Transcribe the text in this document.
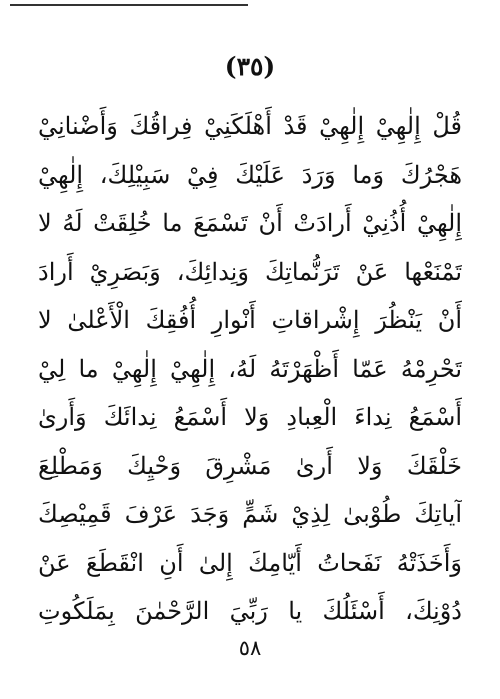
(٣٥)
قُلْ إِلٰهِيْ إِلٰهِيْ قَدْ أَهْلَكَنِيْ فِراقُكَ وَأَضْنانِيْ
هَجْرُكَ وَما وَرَدَ عَلَيْكَ فِيْ سَبِيْلِكَ، إِلٰهِيْ
إِلٰهِيْ أُذُنِيْ أَرادَتْ أَنْ تَسْمَعَ ما خُلِقَتْ لَهُ لا
تَمْنَعْها عَنْ تَرَنُّماتِكَ وَنِدائِكَ، وَبَصَرِيْ أَرادَ
أَنْ يَنْظُرَ إِشْراقاتِ أَنْوارِ أُفُقِكَ الْأَعْلىٰ لا
تَحْرِمْهُ عَمّا أَظْهَرْتَهُ لَهُ، إِلٰهِيْ إِلٰهِيْ ما لِيْ
أَسْمَعُ نِداءَ الْعِبادِ وَلا أَسْمَعُ نِدائَكَ وَأَرىٰ
خَلْقَكَ وَلا أَرىٰ مَشْرِقَ وَحْيِكَ وَمَطْلِعَ
آياتِكَ طُوْبىٰ لِذِيْ شَمٍّ وَجَدَ عَرْفَ قَمِيْصِكَ
وَأَخَذَتْهُ نَفَحاتُ أَيّامِكَ إِلىٰ أَنِ انْقَطَعَ عَنْ
دُوْنِكَ، أَسْئَلُكَ يا رَبِّيَ الرَّحْمٰنَ بِمَلَكُوتِ
٥٨
